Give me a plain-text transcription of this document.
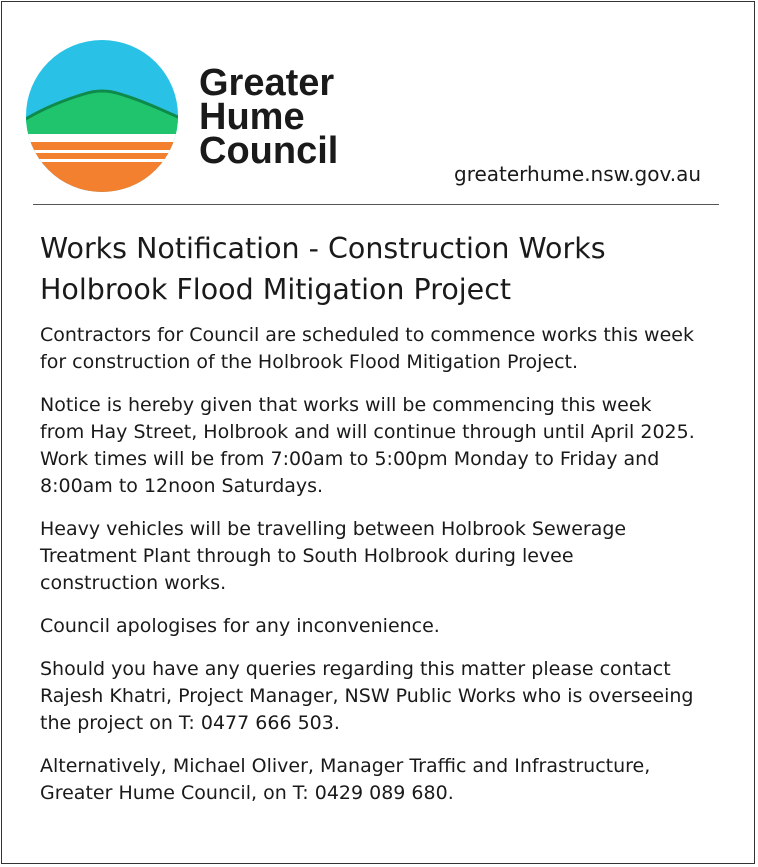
Greater
Hume
Council
greaterhume.nsw.gov.au
Works Notification - Construction Works
Holbrook Flood Mitigation Project

Contractors for Council are scheduled to commence works this week
for construction of the Holbrook Flood Mitigation Project.

Notice is hereby given that works will be commencing this week
from Hay Street, Holbrook and will continue through until April 2025.
Work times will be from 7:00am to 5:00pm Monday to Friday and
8:00am to 12noon Saturdays.

Heavy vehicles will be travelling between Holbrook Sewerage
Treatment Plant through to South Holbrook during levee
construction works.

Council apologises for any inconvenience.

Should you have any queries regarding this matter please contact
Rajesh Khatri, Project Manager, NSW Public Works who is overseeing
the project on T: 0477 666 503.

Alternatively, Michael Oliver, Manager Traffic and Infrastructure,
Greater Hume Council, on T: 0429 089 680.
